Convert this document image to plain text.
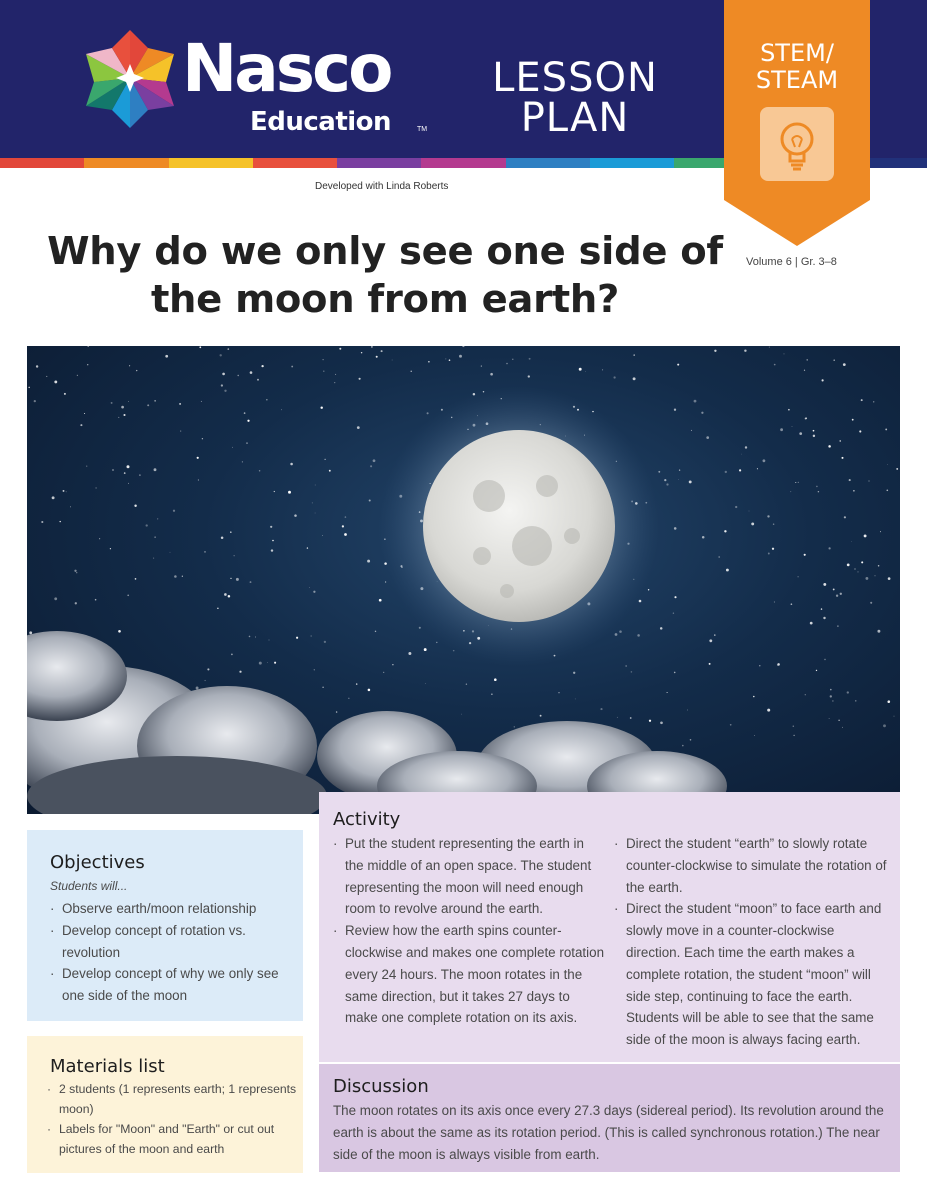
Nasco
Education	TM
LESSON
PLAN
STEM/
STEAM
Developed with Linda Roberts
Volume 6 | Gr. 3–8
Why do we only see one side of the moon from earth?
Objectives
Students will...
· Observe earth/moon relationship
· Develop concept of rotation vs. revolution
· Develop concept of why we only see one side of the moon
Materials list
· 2 students (1 represents earth; 1 represents moon)
· Labels for "Moon" and "Earth" or cut out pictures of the moon and earth
Activity
· Put the student representing the earth in the middle of an open space. The student representing the moon will need enough room to revolve around the earth.
· Review how the earth spins counter-clockwise and makes one complete rotation every 24 hours. The moon rotates in the same direction, but it takes 27 days to make one complete rotation on its axis.
· Direct the student “earth” to slowly rotate counter-clockwise to simulate the rotation of the earth.
· Direct the student “moon” to face earth and slowly move in a counter-clockwise direction. Each time the earth makes a complete rotation, the student “moon” will side step, continuing to face the earth. Students will be able to see that the same side of the moon is always facing earth.
Discussion

The moon rotates on its axis once every 27.3 days (sidereal period). Its revolution around the earth is about the same as its rotation period. (This is called synchronous rotation.) The near side of the moon is always visible from earth.
